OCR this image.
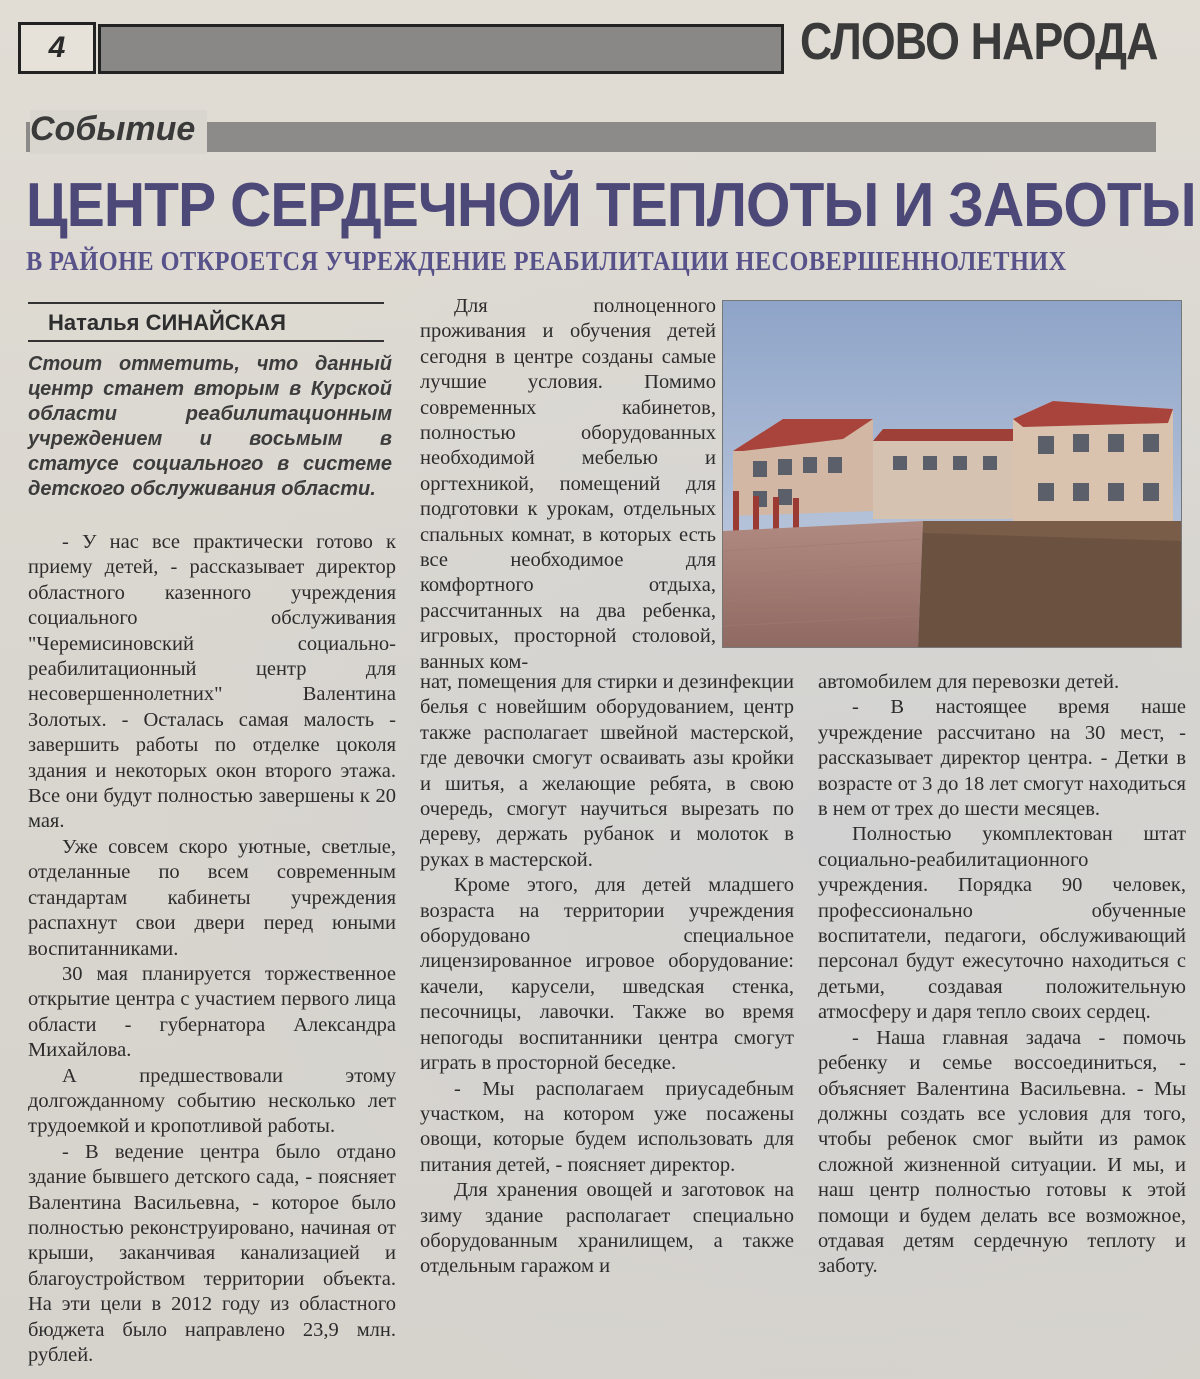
4	СЛОВО НАРОДА
Событие
ЦЕНТР СЕРДЕЧНОЙ ТЕПЛОТЫ И ЗАБОТЫ
В РАЙОНЕ ОТКРОЕТСЯ УЧРЕЖДЕНИЕ РЕАБИЛИТАЦИИ НЕСОВЕРШЕННОЛЕТНИХ
Наталья СИНАЙСКАЯ
Стоит отметить, что данный центр станет вторым в Курской области реабилитационным учреждением и восьмым в статусе социального в системе детского обслуживания области.

- У нас все практически готово к приему детей, - рассказывает директор областного казенного учреждения социального обслуживания "Черемисиновский социально-реабилитационный центр для несовершеннолетних" Валентина Золотых. - Осталась самая малость - завершить работы по отделке цоколя здания и некоторых окон второго этажа. Все они будут полностью завершены к 20 мая.

Уже совсем скоро уютные, светлые, отделанные по всем современным стандартам кабинеты учреждения распахнут свои двери перед юными воспитанниками.

30 мая планируется торжественное открытие центра с участием первого лица области - губернатора Александра Михайлова.

А предшествовали этому долгожданному событию несколько лет трудоемкой и кропотливой работы.

- В ведение центра было отдано здание бывшего детского сада, - поясняет Валентина Васильевна, - которое было полностью реконструировано, начиная от крыши, заканчивая канализацией и благоустройством территории объекта. На эти цели в 2012 году из областного бюджета было направлено 23,9 млн. рублей.

Для полноценного проживания и обучения детей сегодня в центре созданы самые лучшие условия. Помимо современных кабинетов, полностью оборудованных необходимой мебелью и оргтехникой, помещений для подготовки к урокам, отдельных спальных комнат, в которых есть все необходимое для комфортного отдыха, рассчитанных на два ребенка, игровых, просторной столовой, ванных ком-

нат, помещения для стирки и дезинфекции белья с новейшим оборудованием, центр также располагает швейной мастерской, где девочки смогут осваивать азы кройки и шитья, а желающие ребята, в свою очередь, смогут научиться вырезать по дереву, держать рубанок и молоток в руках в мастерской.

Кроме этого, для детей младшего возраста на территории учреждения оборудовано специальное лицензированное игровое оборудование: качели, карусели, шведская стенка, песочницы, лавочки. Также во время непогоды воспитанники центра смогут играть в просторной беседке.

- Мы располагаем приусадебным участком, на котором уже посажены овощи, которые будем использовать для питания детей, - поясняет директор.

Для хранения овощей и заготовок на зиму здание располагает специально оборудованным хранилищем, а также отдельным гаражом и

автомобилем для перевозки детей.

- В настоящее время наше учреждение рассчитано на 30 мест, - рассказывает директор центра. - Детки в возрасте от 3 до 18 лет смогут находиться в нем от трех до шести месяцев.

Полностью укомплектован штат социально-реабилитационного учреждения. Порядка 90 человек, профессионально обученные воспитатели, педагоги, обслуживающий персонал будут ежесуточно находиться с детьми, создавая положительную атмосферу и даря тепло своих сердец.

- Наша главная задача - помочь ребенку и семье воссоединиться, - объясняет Валентина Васильевна. - Мы должны создать все условия для того, чтобы ребенок смог выйти из рамок сложной жизненной ситуации. И мы, и наш центр полностью готовы к этой помощи и будем делать все возможное, отдавая детям сердечную теплоту и заботу.
